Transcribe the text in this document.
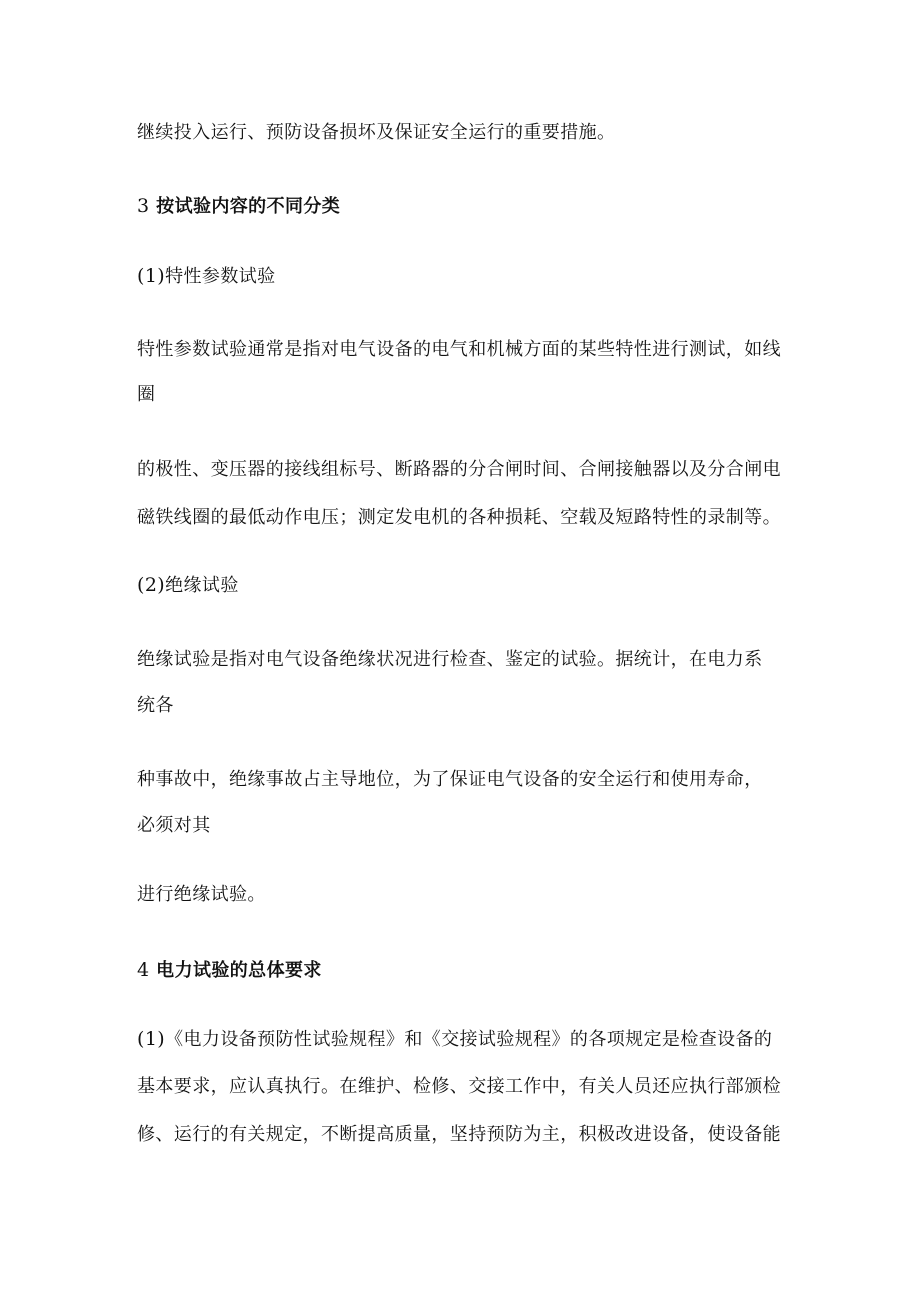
继续投入运行、预防设备损坏及保证安全运行的重要措施。
3 按试验内容的不同分类
(1)特性参数试验
特性参数试验通常是指对电气设备的电气和机械方面的某些特性进行测试，如线
圈
的极性、变压器的接线组标号、断路器的分合闸时间、合闸接触器以及分合闸电
磁铁线圈的最低动作电压；测定发电机的各种损耗、空载及短路特性的录制等。
(2)绝缘试验
绝缘试验是指对电气设备绝缘状况进行检查、鉴定的试验。据统计，在电力系
统各
种事故中，绝缘事故占主导地位，为了保证电气设备的安全运行和使用寿命，
必须对其
进行绝缘试验。
4 电力试验的总体要求
(1)《电力设备预防性试验规程》和《交接试验规程》的各项规定是检查设备的
基本要求，应认真执行。在维护、检修、交接工作中，有关人员还应执行部颁检
修、运行的有关规定，不断提高质量，坚持预防为主，积极改进设备，使设备能
